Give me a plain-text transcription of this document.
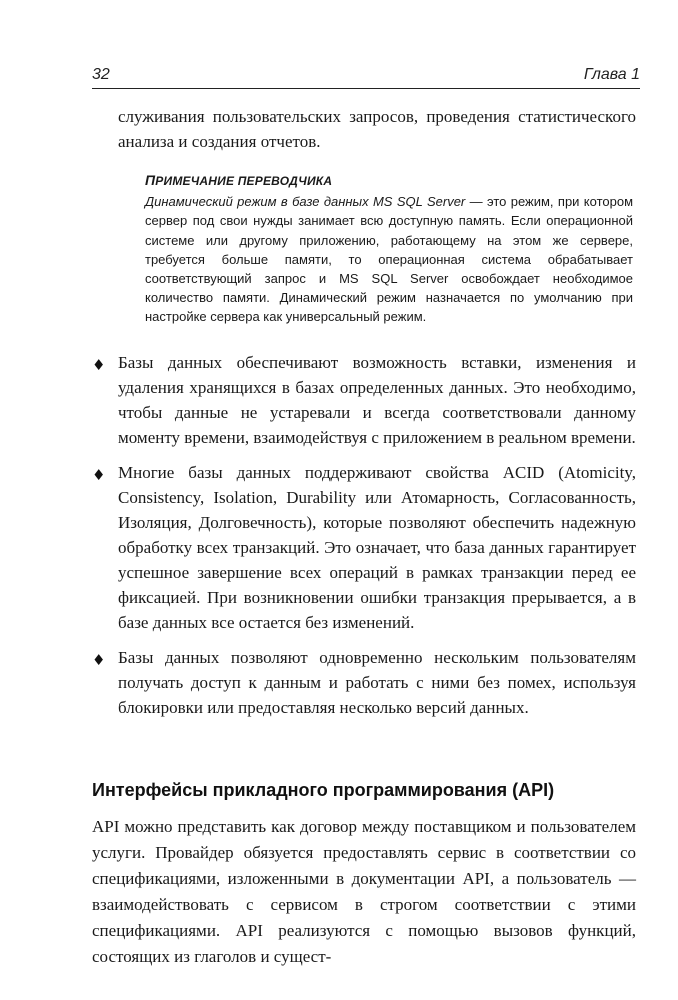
32	Глава 1

служивания пользовательских запросов, проведения статистического анализа и создания отчетов.

ПРИМЕЧАНИЕ ПЕРЕВОДЧИКА

Динамический режим в базе данных MS SQL Server — это режим, при котором сервер под свои нужды занимает всю доступную память. Если операционной системе или другому приложению, работающему на этом же сервере, требуется больше памяти, то операционная система обрабатывает соответствующий запрос и MS SQL Server освобождает необходимое количество памяти. Динамический режим назначается по умолчанию при настройке сервера как универсальный режим.

♦ Базы данных обеспечивают возможность вставки, изменения и удаления хранящихся в базах определенных данных. Это необходимо, чтобы данные не устаревали и всегда соответствовали данному моменту времени, взаимодействуя с приложением в реальном времени.

♦ Многие базы данных поддерживают свойства ACID (Atomicity, Consistency, Isolation, Durability или Атомарность, Согласованность, Изоляция, Долговечность), которые позволяют обеспечить надежную обработку всех транзакций. Это означает, что база данных гарантирует успешное завершение всех операций в рамках транзакции перед ее фиксацией. При возникновении ошибки транзакция прерывается, а в базе данных все остается без изменений.

♦ Базы данных позволяют одновременно нескольким пользователям получать доступ к данным и работать с ними без помех, используя блокировки или предоставляя несколько версий данных.

Интерфейсы прикладного программирования (API)

API можно представить как договор между поставщиком и пользователем услуги. Провайдер обязуется предоставлять сервис в соответствии со спецификациями, изложенными в документации API, а пользователь — взаимодействовать с сервисом в строгом соответствии с этими спецификациями. API реализуются с помощью вызовов функций, состоящих из глаголов и сущест-
